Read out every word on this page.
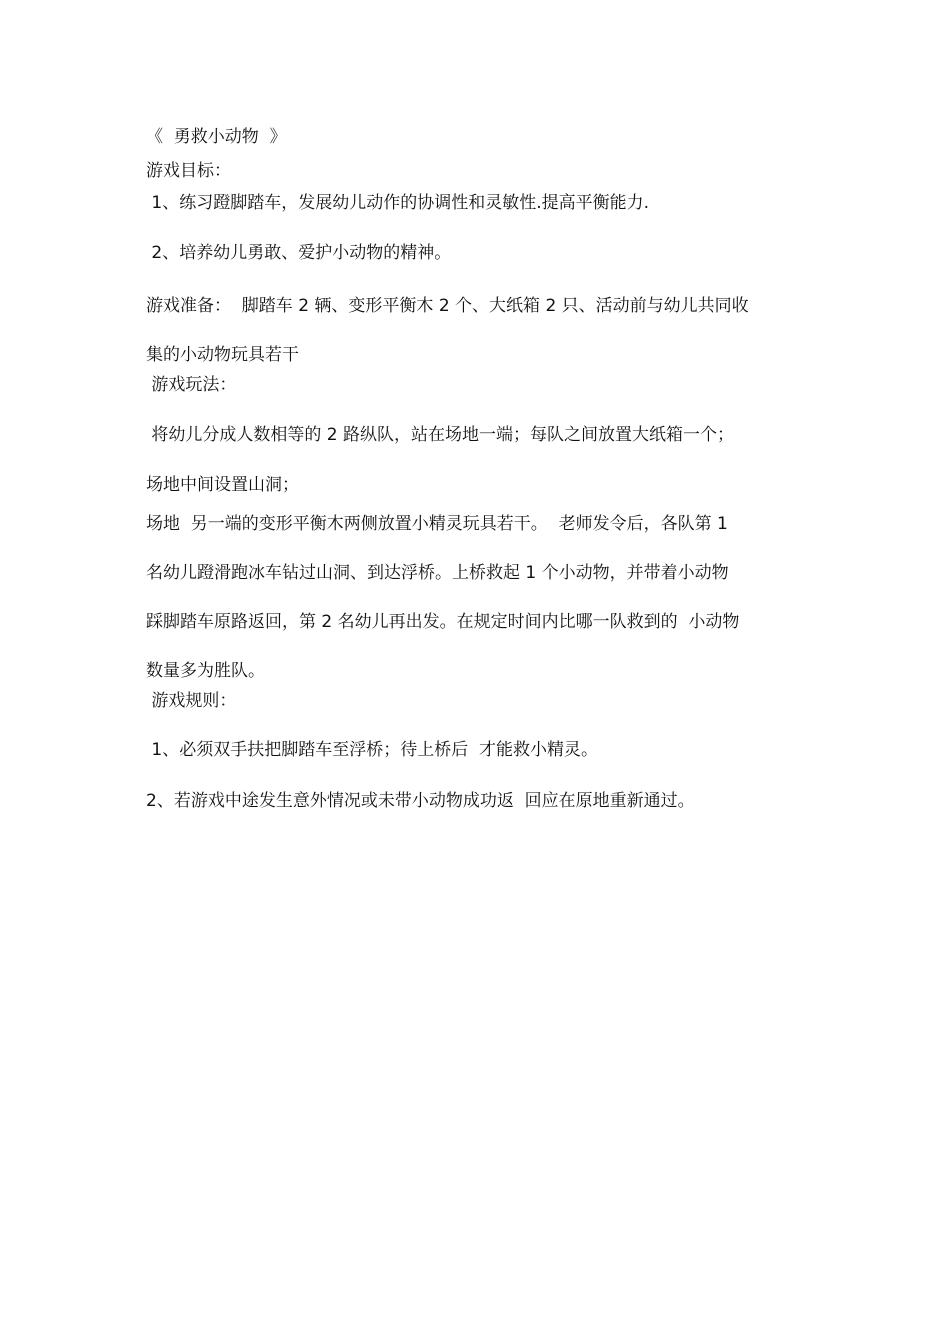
《  勇救小动物  》
游戏目标：
1、练习蹬脚踏车，发展幼儿动作的协调性和灵敏性.提高平衡能力.
2、培养幼儿勇敢、爱护小动物的精神。
游戏准备：  脚踏车 2 辆、变形平衡木 2 个、大纸箱 2 只、活动前与幼儿共同收
集的小动物玩具若干
游戏玩法：
将幼儿分成人数相等的 2 路纵队，站在场地一端；每队之间放置大纸箱一个；
场地中间设置山洞；
场地  另一端的变形平衡木两侧放置小精灵玩具若干。  老师发令后，各队第 1
名幼儿蹬滑跑冰车钻过山洞、到达浮桥。上桥救起 1 个小动物，并带着小动物
踩脚踏车原路返回，第 2 名幼儿再出发。在规定时间内比哪一队救到的  小动物
数量多为胜队。
游戏规则：
1、必须双手扶把脚踏车至浮桥；待上桥后  才能救小精灵。
2、若游戏中途发生意外情况或未带小动物成功返  回应在原地重新通过。
